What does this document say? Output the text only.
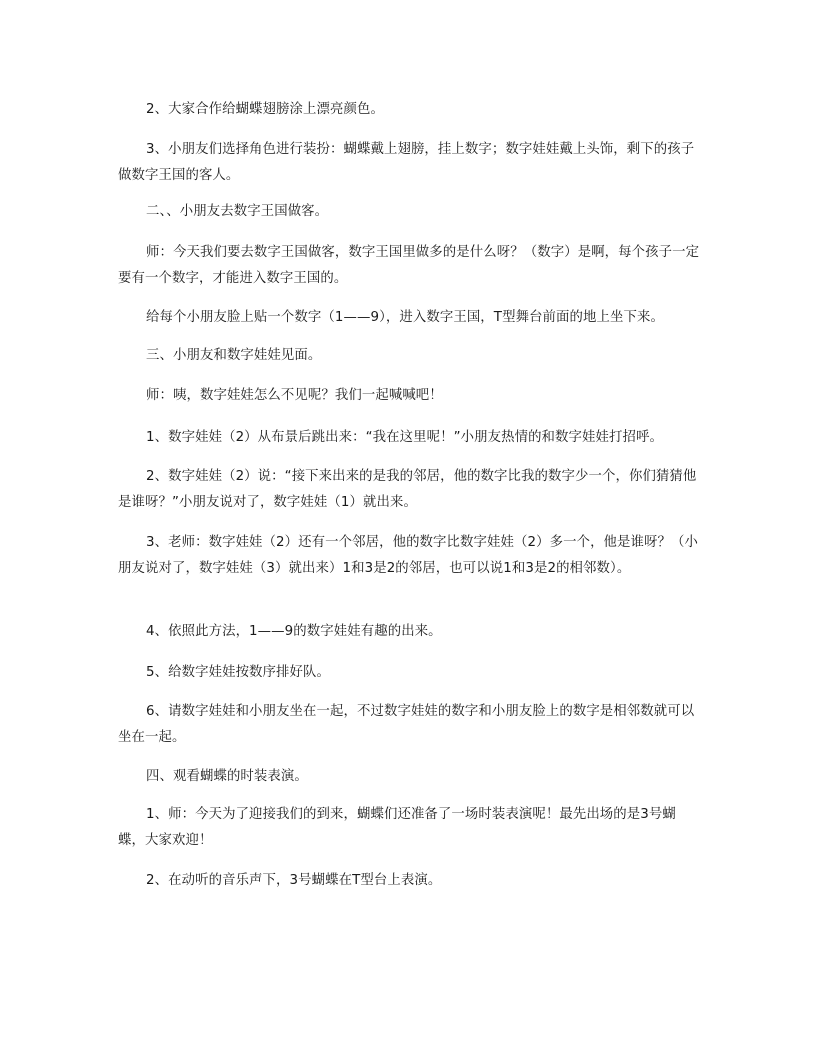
2、大家合作给蝴蝶翅膀涂上漂亮颜色。

3、小朋友们选择角色进行装扮：蝴蝶戴上翅膀，挂上数字；数字娃娃戴上头饰，剩下的孩子做数字王国的客人。

二、、小朋友去数字王国做客。

师：今天我们要去数字王国做客，数字王国里做多的是什么呀？（数字）是啊，每个孩子一定要有一个数字，才能进入数字王国的。

给每个小朋友脸上贴一个数字（1——9），进入数字王国，T型舞台前面的地上坐下来。

三、小朋友和数字娃娃见面。

师：咦，数字娃娃怎么不见呢？我们一起喊喊吧！

1、数字娃娃（2）从布景后跳出来：“我在这里呢！”小朋友热情的和数字娃娃打招呼。

2、数字娃娃（2）说：“接下来出来的是我的邻居，他的数字比我的数字少一个，你们猜猜他是谁呀？”小朋友说对了，数字娃娃（1）就出来。

3、老师：数字娃娃（2）还有一个邻居，他的数字比数字娃娃（2）多一个，他是谁呀？（小朋友说对了，数字娃娃（3）就出来）1和3是2的邻居，也可以说1和3是2的相邻数）。

4、依照此方法，1——9的数字娃娃有趣的出来。

5、给数字娃娃按数序排好队。

6、请数字娃娃和小朋友坐在一起，不过数字娃娃的数字和小朋友脸上的数字是相邻数就可以坐在一起。

四、观看蝴蝶的时装表演。

1、师：今天为了迎接我们的到来，蝴蝶们还准备了一场时装表演呢！最先出场的是3号蝴蝶，大家欢迎！

2、在动听的音乐声下，3号蝴蝶在T型台上表演。
